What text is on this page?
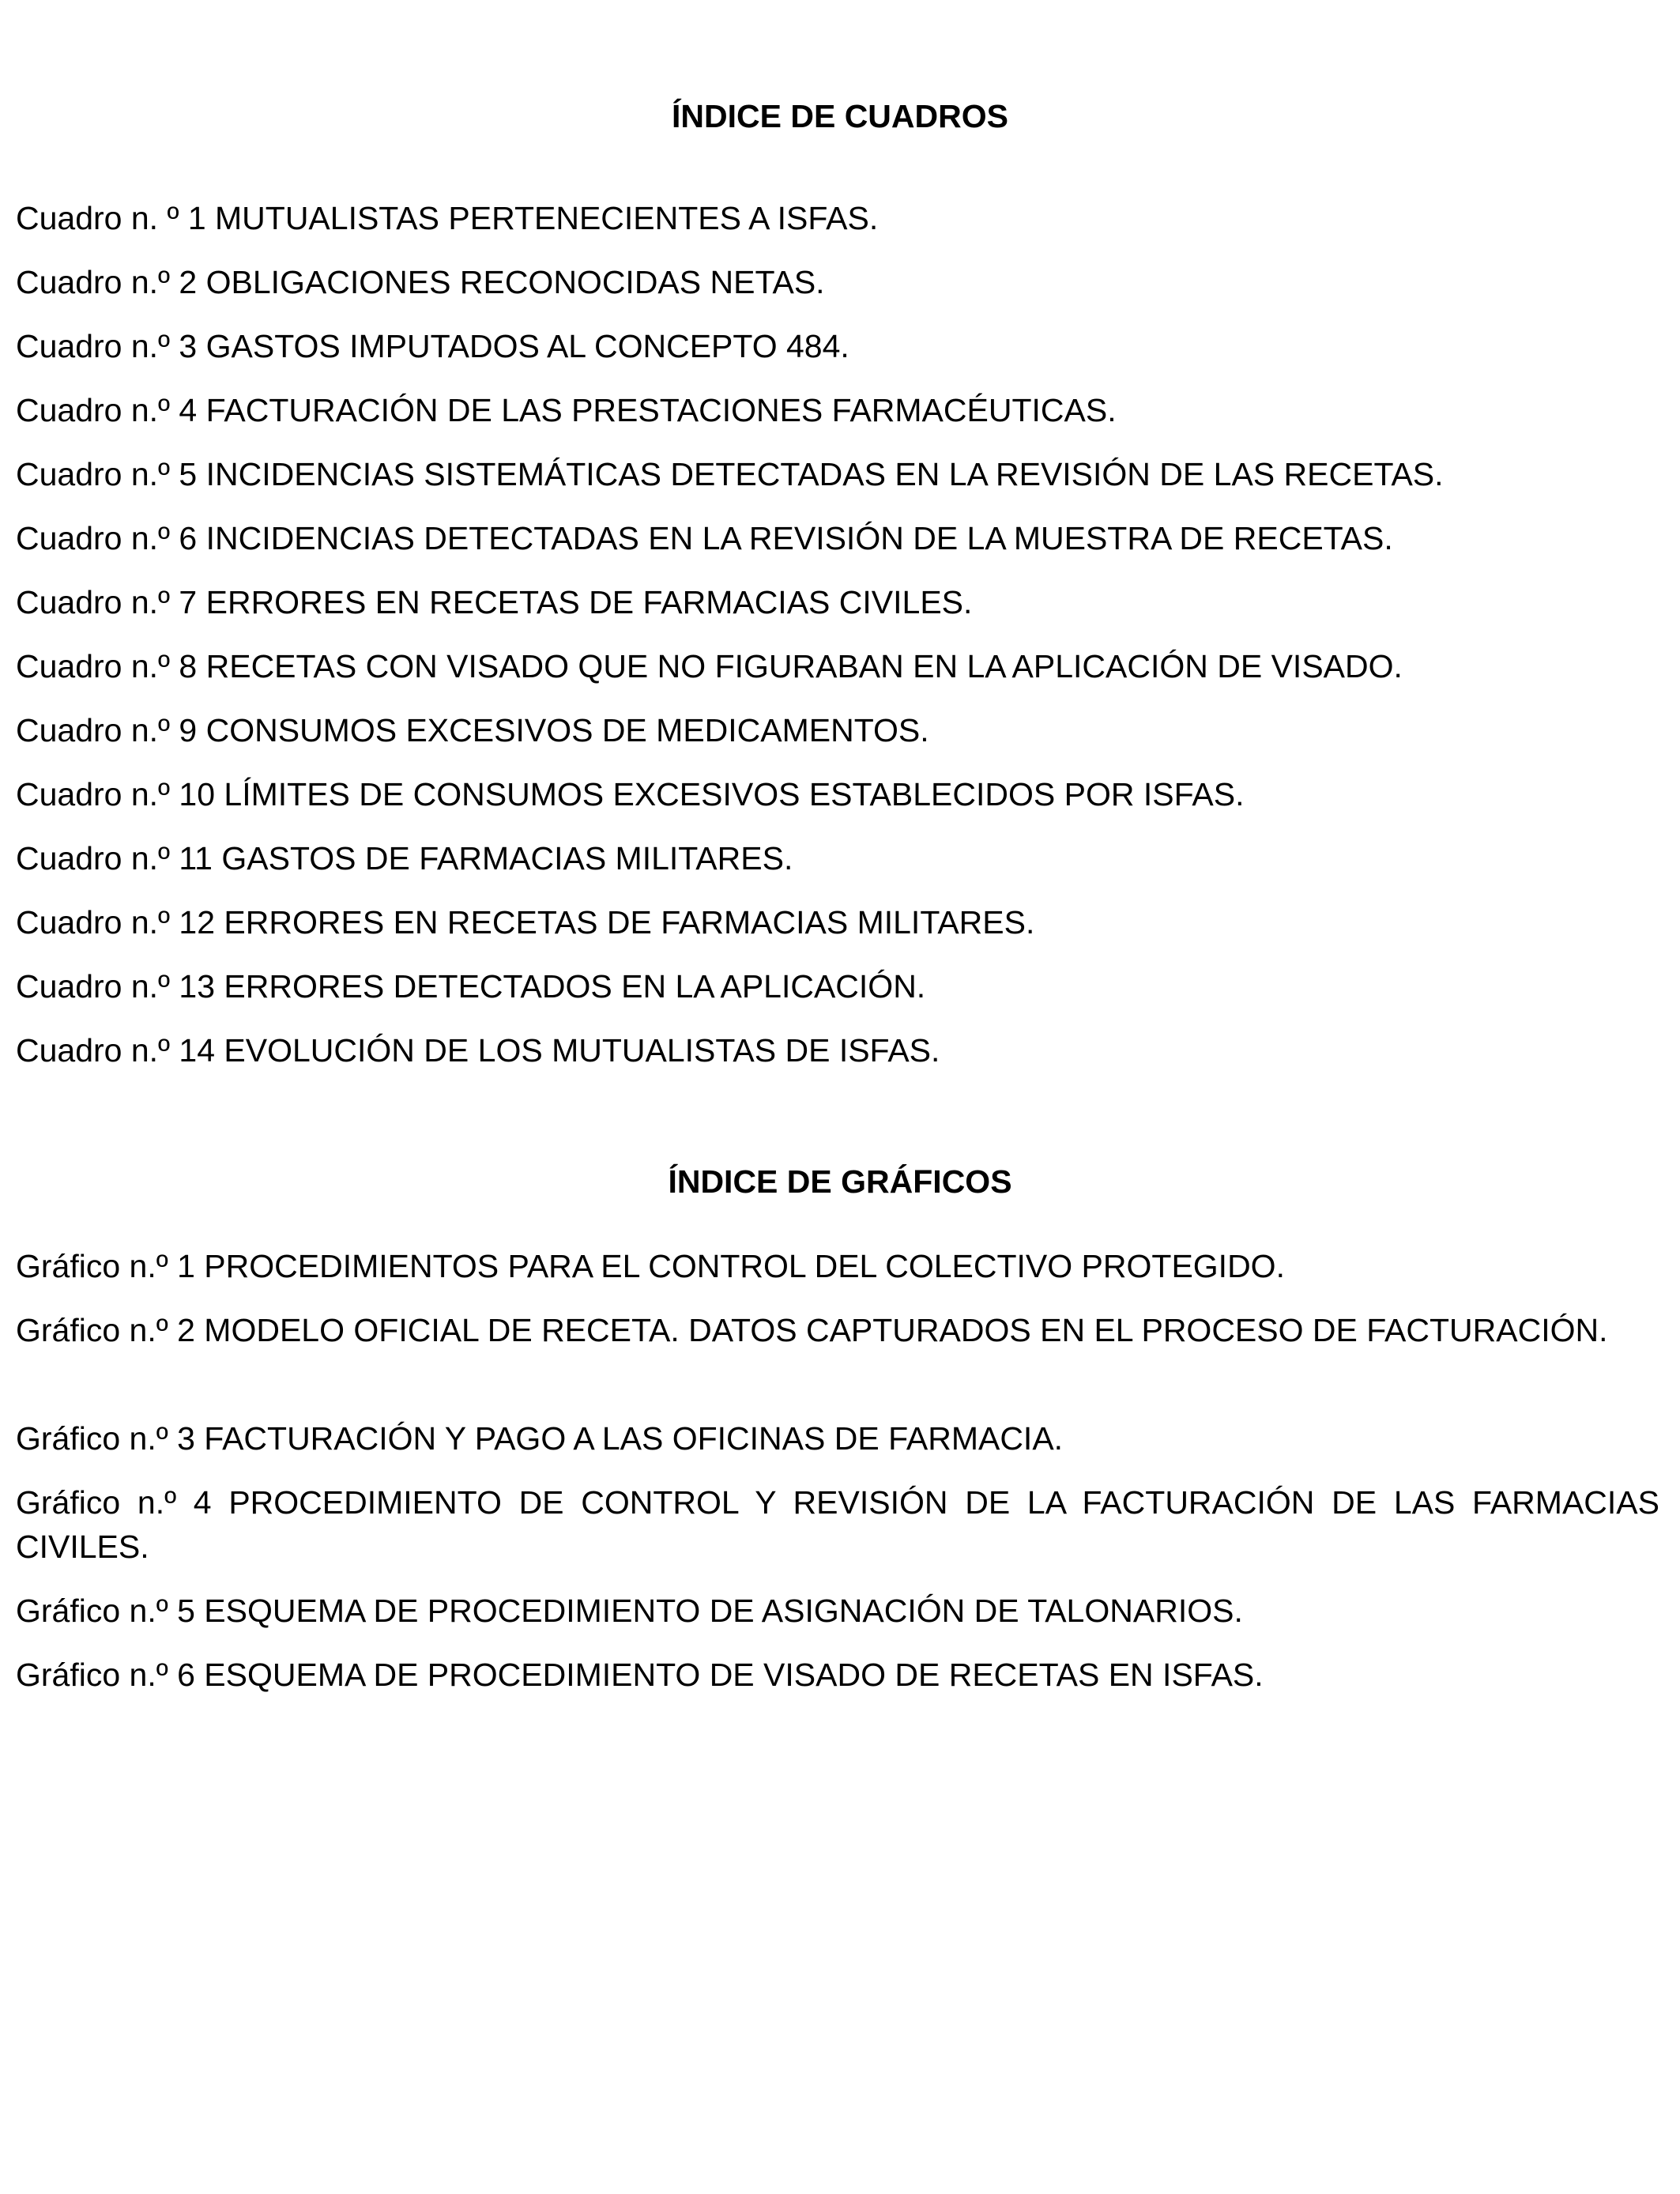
ÍNDICE DE CUADROS

Cuadro n. º 1 MUTUALISTAS PERTENECIENTES A ISFAS.

Cuadro n.º 2 OBLIGACIONES RECONOCIDAS NETAS.

Cuadro n.º 3 GASTOS IMPUTADOS AL CONCEPTO 484.

Cuadro n.º 4 FACTURACIÓN DE LAS PRESTACIONES FARMACÉUTICAS.

Cuadro n.º 5 INCIDENCIAS SISTEMÁTICAS DETECTADAS EN LA REVISIÓN DE LAS RECETAS.

Cuadro n.º 6 INCIDENCIAS DETECTADAS EN LA REVISIÓN DE LA MUESTRA DE RECETAS.

Cuadro n.º 7 ERRORES EN RECETAS DE FARMACIAS CIVILES.

Cuadro n.º 8 RECETAS CON VISADO QUE NO FIGURABAN EN LA APLICACIÓN DE VISADO.

Cuadro n.º 9 CONSUMOS EXCESIVOS DE MEDICAMENTOS.

Cuadro n.º 10 LÍMITES DE CONSUMOS EXCESIVOS ESTABLECIDOS POR ISFAS.

Cuadro n.º 11 GASTOS DE FARMACIAS MILITARES.

Cuadro n.º 12 ERRORES EN RECETAS DE FARMACIAS MILITARES.

Cuadro n.º 13 ERRORES DETECTADOS EN LA APLICACIÓN.

Cuadro n.º 14 EVOLUCIÓN DE LOS MUTUALISTAS DE ISFAS.

ÍNDICE DE GRÁFICOS

Gráfico n.º 1 PROCEDIMIENTOS PARA EL CONTROL DEL COLECTIVO PROTEGIDO.

Gráfico n.º 2 MODELO OFICIAL DE RECETA. DATOS CAPTURADOS EN EL PROCESO DE FACTURACIÓN.

Gráfico n.º 3 FACTURACIÓN Y PAGO A LAS OFICINAS DE FARMACIA.

Gráfico n.º 4 PROCEDIMIENTO DE CONTROL Y REVISIÓN DE LA FACTURACIÓN DE LAS FARMACIAS CIVILES.

Gráfico n.º 5 ESQUEMA DE PROCEDIMIENTO DE ASIGNACIÓN DE TALONARIOS.

Gráfico n.º 6 ESQUEMA DE PROCEDIMIENTO DE VISADO DE RECETAS EN ISFAS.
